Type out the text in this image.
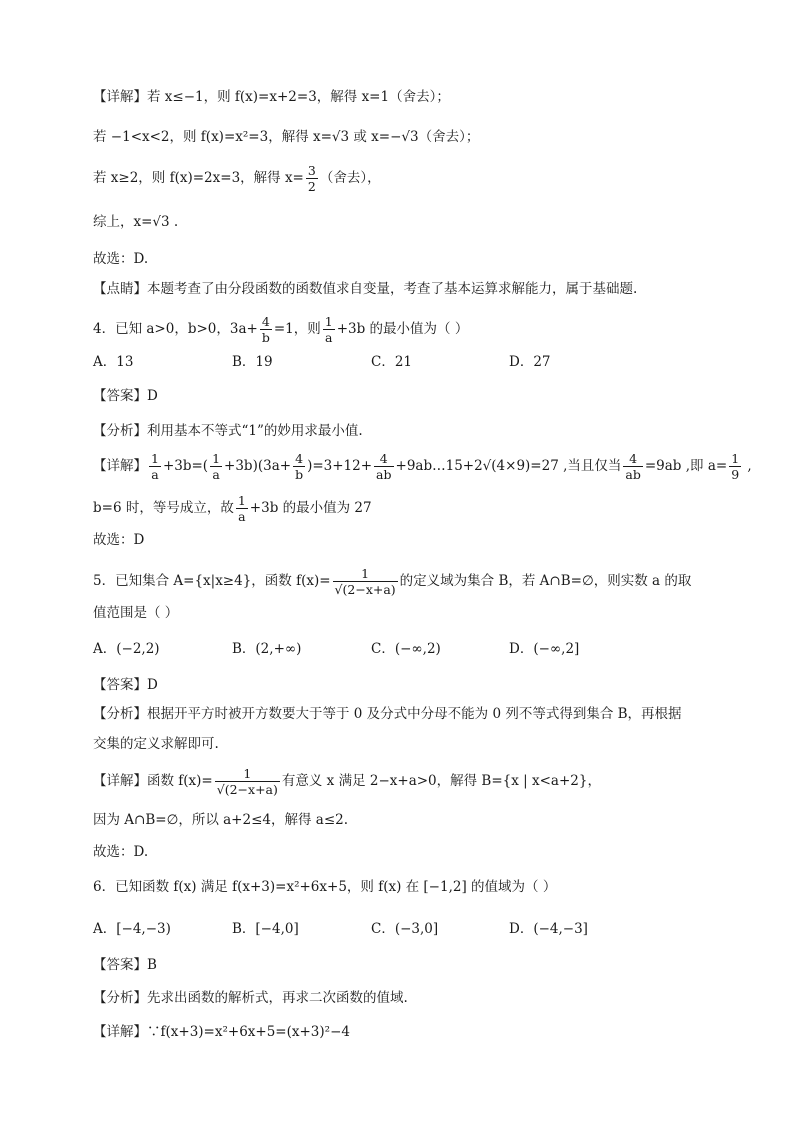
【详解】若 x≤−1，则 f(x)=x+2=3，解得 x=1（舍去）；
若 −1<x<2，则 f(x)=x²=3，解得 x=√3 或 x=−√3（舍去）；
若 x≥2，则 f(x)=2x=3，解得 $x= \frac{3}{2}$ （舍去），
综上，x=√3 .
故选：D.
【点睛】本题考查了由分段函数的函数值求自变量，考查了基本运算求解能力，属于基础题.
4．已知 a>0，b>0，$3a+ \frac{4}{b} =1$，则 $\frac{1}{a} +3b$ 的最小值为（ ）
A．13	B．19	C．21	D．27
【答案】D
【分析】利用基本不等式“1”的妙用求最小值.
【详解】 $\frac{1}{a} +3b=( \frac{1}{a} +3b)(3a+ \frac{4}{b} )=3+12+ \frac{4}{ab}$ +9ab…15+2√(4×9)=27 ,当且仅当 $\frac{4}{ab} =9ab$ ,即 $a= \frac{1}{9}$ ,
b=6 时，等号成立，故 $\frac{1}{a} +3b$ 的最小值为 27
故选：D
5．已知集合 A={x|x≥4}，函数 $f(x)= \frac{1}{√(2-x+a)}$ 的定义域为集合 B，若 A∩B=∅，则实数 a 的取
值范围是（ ）
A．(−2,2)	B．(2,+∞)	C．(−∞,2)	D．(−∞,2]
【答案】D
【分析】根据开平方时被开方数要大于等于 0 及分式中分母不能为 0 列不等式得到集合 B，再根据
交集的定义求解即可.
【详解】函数 $f(x)= \frac{1}{√(2-x+a)}$ 有意义 x 满足 2−x+a>0，解得 B={x | x<a+2}，
因为 A∩B=∅，所以 a+2≤4，解得 a≤2.
故选：D.
6．已知函数 f(x) 满足 f(x+3)=x²+6x+5，则 f(x) 在 [−1,2] 的值域为（ ）
A．[−4,−3)	B．[−4,0]	C．(−3,0]	D．(−4,−3]
【答案】B
【分析】先求出函数的解析式，再求二次函数的值域.
【详解】∵f(x+3)=x²+6x+5=(x+3)²−4
